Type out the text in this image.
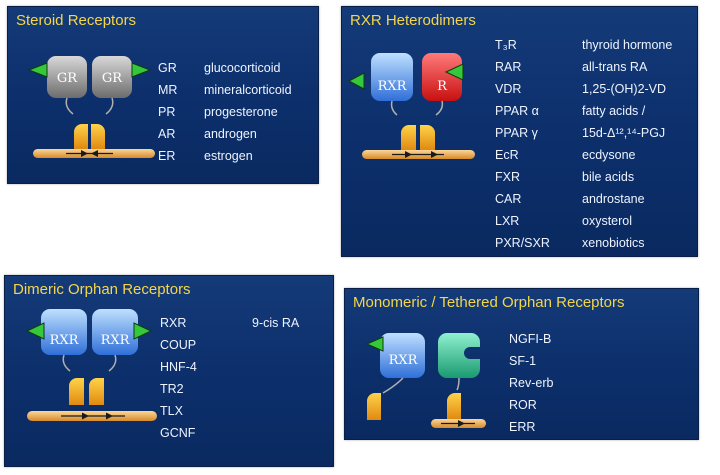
Steroid Receptors
GR GR
GR glucocorticoid
MR mineralcorticoid
PR progesterone
AR androgen
ER estrogen
RXR Heterodimers
RXR R
T₃R	thyroid hormone
RAR	all-trans RA
VDR	1,25-(OH)2-VD
PPAR α	fatty acids /
PPAR γ	15d-Δ¹²,¹⁴-PGJ
EcR	ecdysone
FXR	bile acids
CAR	androstane
LXR	oxysterol
PXR/SXR	xenobiotics
Dimeric Orphan Receptors
RXR RXR
RXR	9-cis RA
COUP
HNF-4
TR2
TLX
GCNF
Monomeric / Tethered Orphan Receptors
RXR
NGFI-B
SF-1
Rev-erb
ROR
ERR
